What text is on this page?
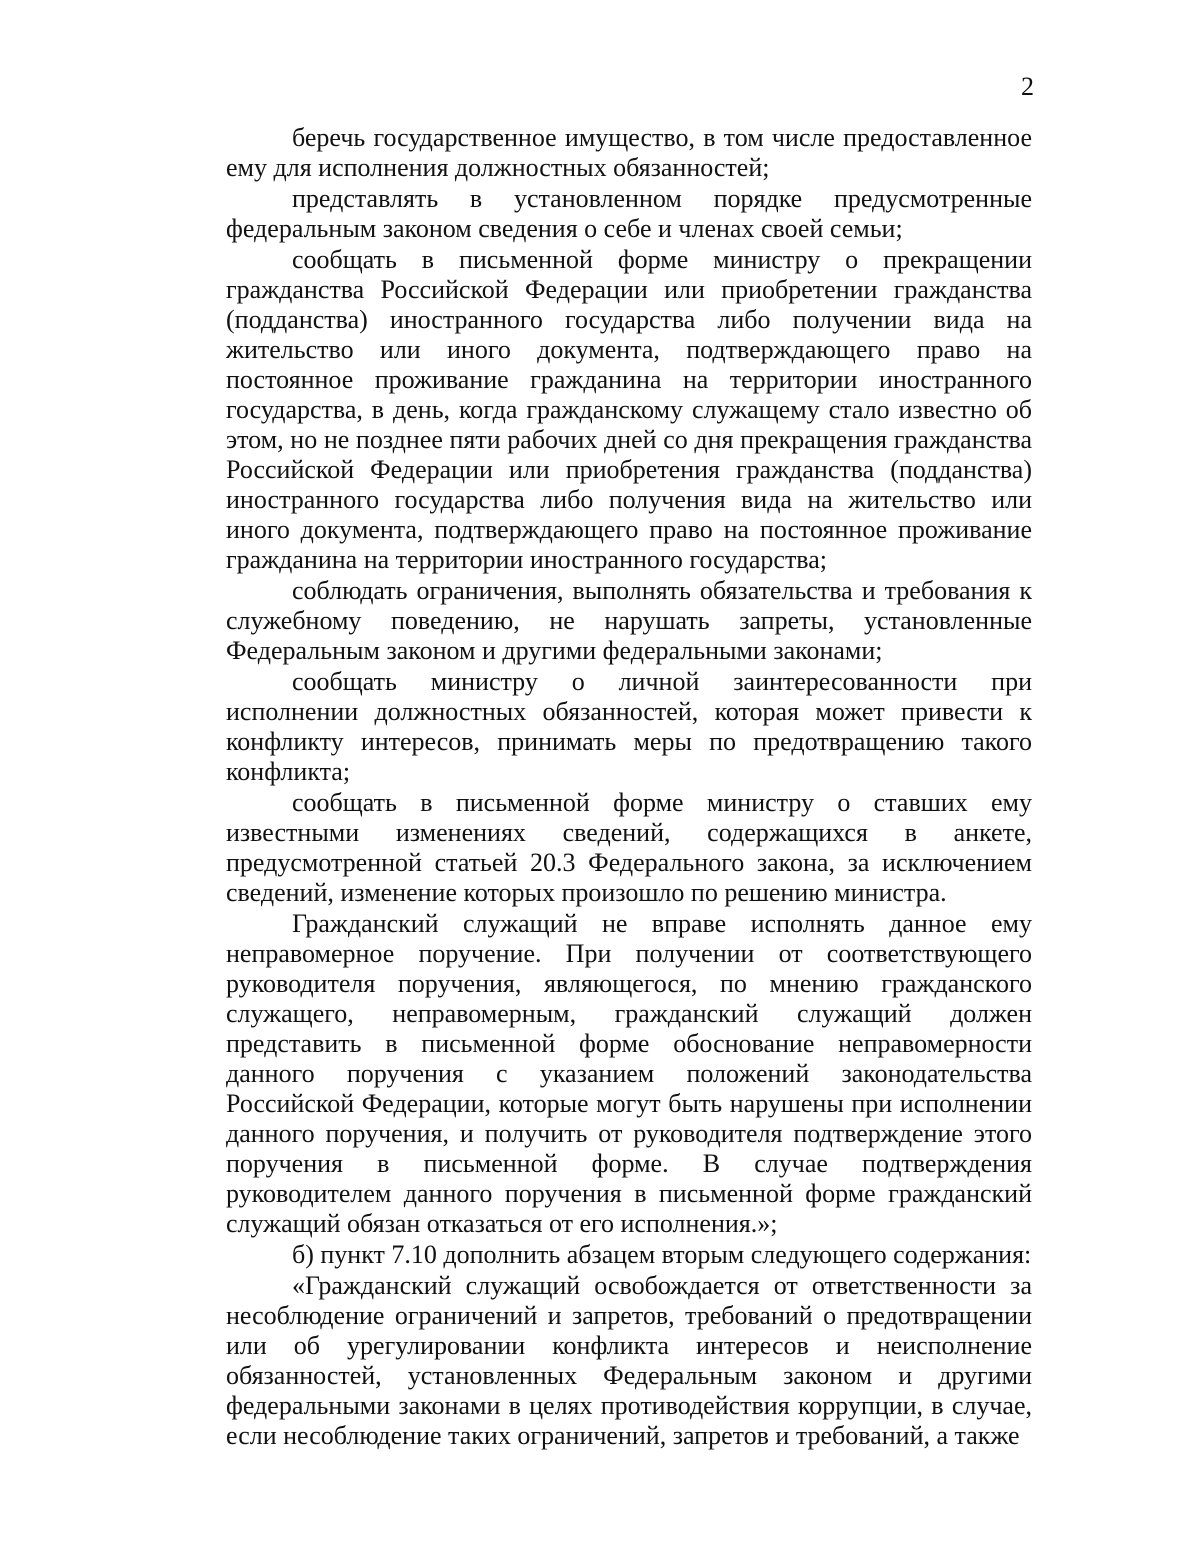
2

беречь государственное имущество, в том числе предоставленное ему для исполнения должностных обязанностей;

представлять в установленном порядке предусмотренные федеральным законом сведения о себе и членах своей семьи;

сообщать в письменной форме министру о прекращении гражданства Российской Федерации или приобретении гражданства (подданства) иностранного государства либо получении вида на жительство или иного документа, подтверждающего право на постоянное проживание гражданина на территории иностранного государства, в день, когда гражданскому служащему стало известно об этом, но не позднее пяти рабочих дней со дня прекращения гражданства Российской Федерации или приобретения гражданства (подданства) иностранного государства либо получения вида на жительство или иного документа, подтверждающего право на постоянное проживание гражданина на территории иностранного государства;

соблюдать ограничения, выполнять обязательства и требования к служебному поведению, не нарушать запреты, установленные Федеральным законом и другими федеральными законами;

сообщать министру о личной заинтересованности при исполнении должностных обязанностей, которая может привести к конфликту интересов, принимать меры по предотвращению такого конфликта;

сообщать в письменной форме министру о ставших ему известными изменениях сведений, содержащихся в анкете, предусмотренной статьей 20.3 Федерального закона, за исключением сведений, изменение которых произошло по решению министра.

Гражданский служащий не вправе исполнять данное ему неправомерное поручение. При получении от соответствующего руководителя поручения, являющегося, по мнению гражданского служащего, неправомерным, гражданский служащий должен представить в письменной форме обоснование неправомерности данного поручения с указанием положений законодательства Российской Федерации, которые могут быть нарушены при исполнении данного поручения, и получить от руководителя подтверждение этого поручения в письменной форме. В случае подтверждения руководителем данного поручения в письменной форме гражданский служащий обязан отказаться от его исполнения.»;

б) пункт 7.10 дополнить абзацем вторым следующего содержания:

«Гражданский служащий освобождается от ответственности за несоблюдение ограничений и запретов, требований о предотвращении или об урегулировании конфликта интересов и неисполнение обязанностей, установленных Федеральным законом и другими федеральными законами в целях противодействия коррупции, в случае, если несоблюдение таких ограничений, запретов и требований, а также
